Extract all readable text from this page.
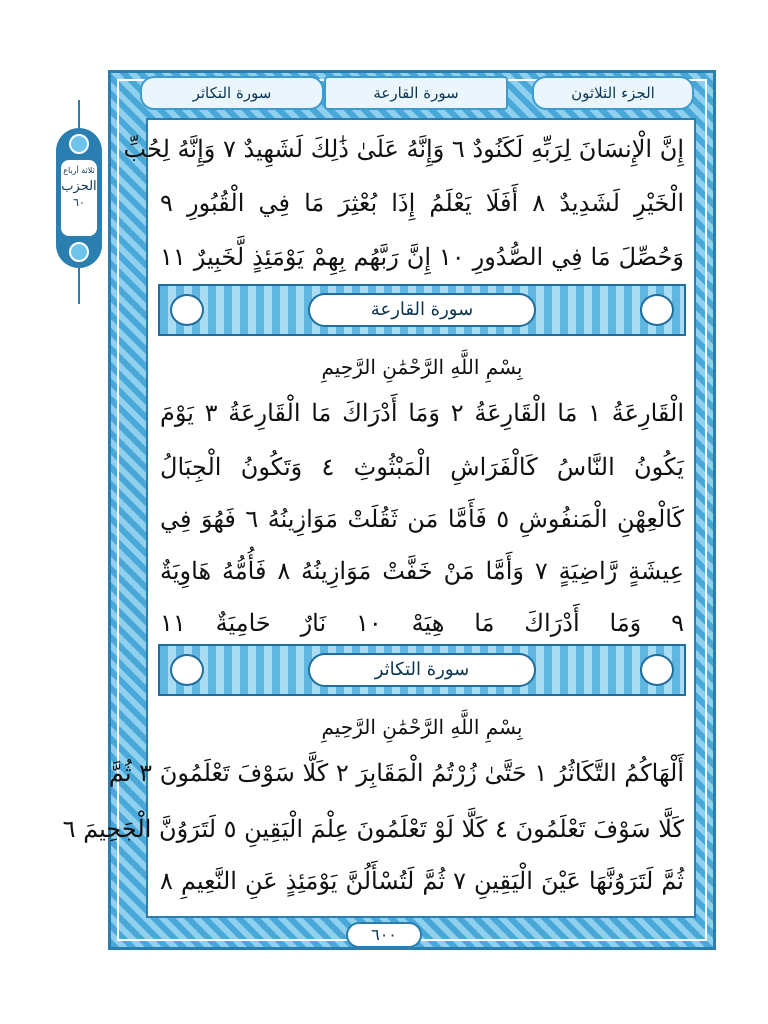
سورة التكاثر	سورة القارعة	الجزء الثلاثون
ثلاثة أرباع
الحزب
٦٠
إِنَّ الْإِنسَانَ لِرَبِّهِ لَكَنُودٌ ٦ وَإِنَّهُ عَلَىٰ ذَٰلِكَ لَشَهِيدٌ ٧ وَإِنَّهُ لِحُبِّ
الْخَيْرِ لَشَدِيدٌ ٨ أَفَلَا يَعْلَمُ إِذَا بُعْثِرَ مَا فِي الْقُبُورِ ٩
وَحُصِّلَ مَا فِي الصُّدُورِ ١٠ إِنَّ رَبَّهُم بِهِمْ يَوْمَئِذٍ لَّخَبِيرٌ ١١
سورة القارعة
بِسْمِ اللَّهِ الرَّحْمَٰنِ الرَّحِيمِ
الْقَارِعَةُ ١ مَا الْقَارِعَةُ ٢ وَمَا أَدْرَاكَ مَا الْقَارِعَةُ ٣ يَوْمَ
يَكُونُ النَّاسُ كَالْفَرَاشِ الْمَبْثُوثِ ٤ وَتَكُونُ الْجِبَالُ
كَالْعِهْنِ الْمَنفُوشِ ٥ فَأَمَّا مَن ثَقُلَتْ مَوَازِينُهُ ٦ فَهُوَ فِي
عِيشَةٍ رَّاضِيَةٍ ٧ وَأَمَّا مَنْ خَفَّتْ مَوَازِينُهُ ٨ فَأُمُّهُ هَاوِيَةٌ
٩ وَمَا أَدْرَاكَ مَا هِيَهْ ١٠ نَارٌ حَامِيَةٌ ١١
سورة التكاثر
بِسْمِ اللَّهِ الرَّحْمَٰنِ الرَّحِيمِ
أَلْهَاكُمُ التَّكَاثُرُ ١ حَتَّىٰ زُرْتُمُ الْمَقَابِرَ ٢ كَلَّا سَوْفَ تَعْلَمُونَ ٣ ثُمَّ
كَلَّا سَوْفَ تَعْلَمُونَ ٤ كَلَّا لَوْ تَعْلَمُونَ عِلْمَ الْيَقِينِ ٥ لَتَرَوُنَّ الْجَحِيمَ ٦
ثُمَّ لَتَرَوُنَّهَا عَيْنَ الْيَقِينِ ٧ ثُمَّ لَتُسْأَلُنَّ يَوْمَئِذٍ عَنِ النَّعِيمِ ٨
٦٠٠
